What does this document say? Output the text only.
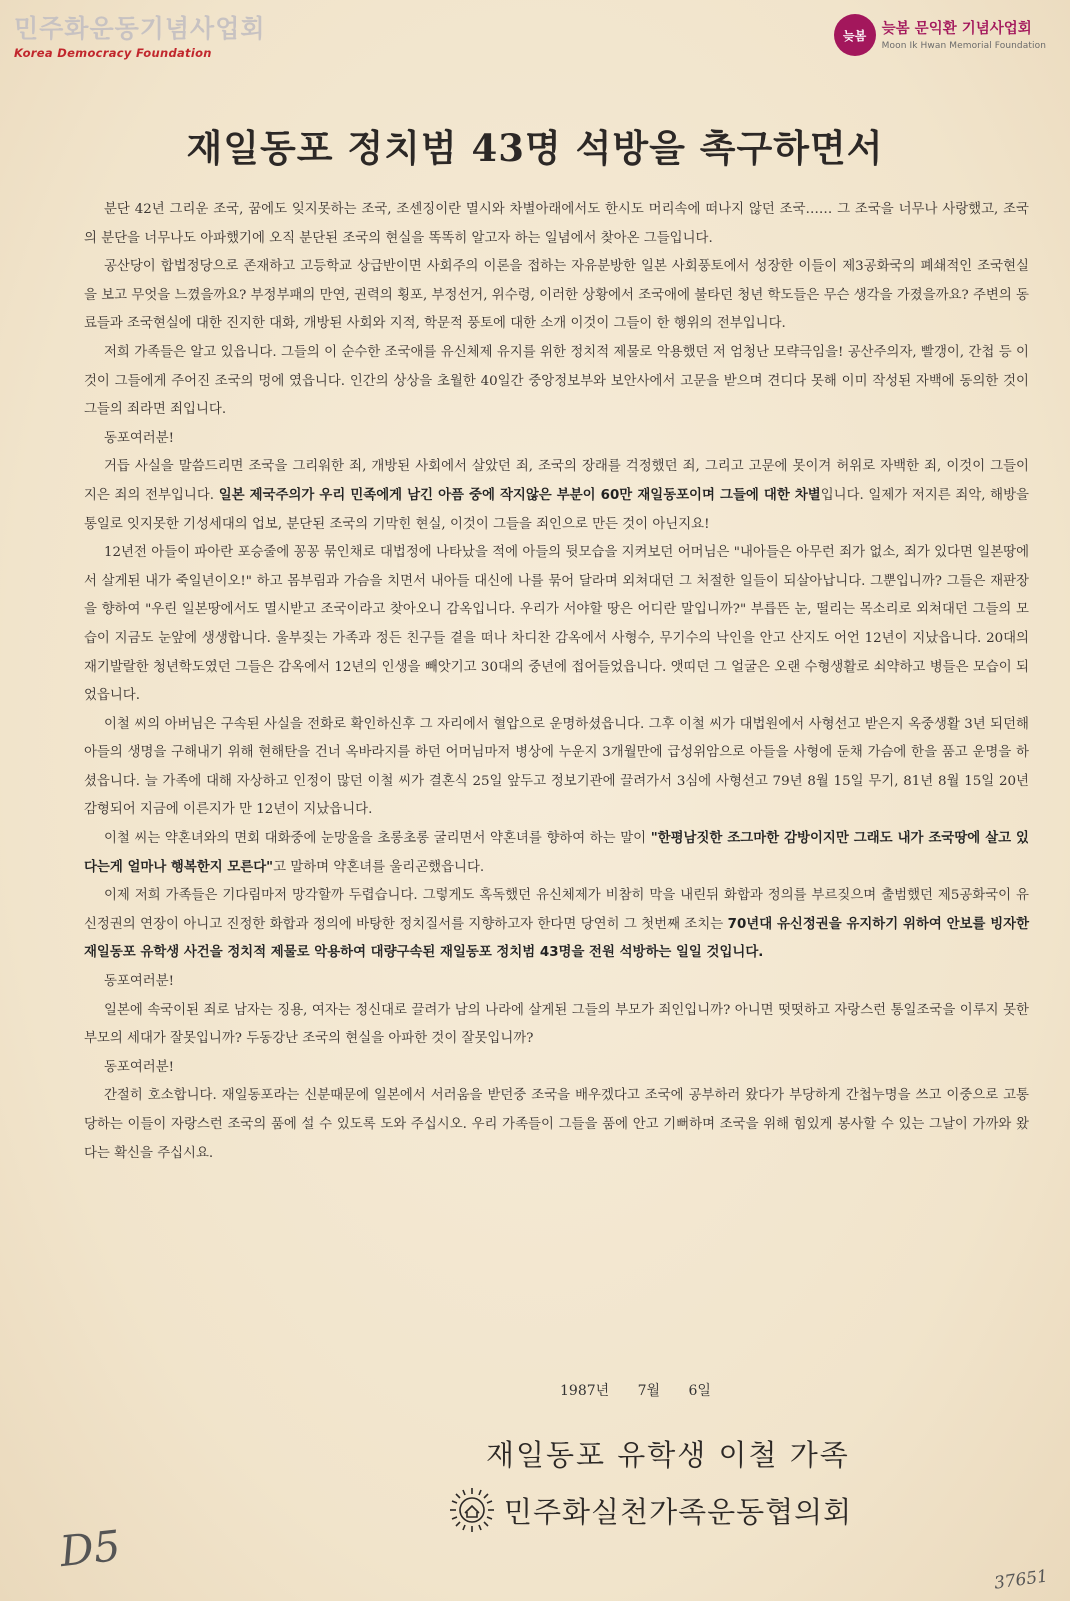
민주화운동기념사업회
Korea Democracy Foundation
늦봄	늦봄 문익환 기념사업회
Moon Ik Hwan Memorial Foundation
재일동포 정치범 43명 석방을 촉구하면서

분단 42년 그리운 조국, 꿈에도 잊지못하는 조국, 조센징이란 멸시와 차별아래에서도 한시도 머리속에 떠나지 않던 조국…… 그 조국을 너무나 사랑했고, 조국의 분단을 너무나도 아파했기에 오직 분단된 조국의 현실을 똑똑히 알고자 하는 일념에서 찾아온 그들입니다.

공산당이 합법정당으로 존재하고 고등학교 상급반이면 사회주의 이론을 접하는 자유분방한 일본 사회풍토에서 성장한 이들이 제3공화국의 폐쇄적인 조국현실을 보고 무엇을 느꼈을까요? 부정부패의 만연, 권력의 횡포, 부정선거, 위수령, 이러한 상황에서 조국애에 불타던 청년 학도들은 무슨 생각을 가졌을까요? 주변의 동료들과 조국현실에 대한 진지한 대화, 개방된 사회와 지적, 학문적 풍토에 대한 소개 이것이 그들이 한 행위의 전부입니다.

저희 가족들은 알고 있읍니다. 그들의 이 순수한 조국애를 유신체제 유지를 위한 정치적 제물로 악용했던 저 엄청난 모략극임을! 공산주의자, 빨갱이, 간첩 등 이것이 그들에게 주어진 조국의 멍에 였읍니다. 인간의 상상을 초월한 40일간 중앙정보부와 보안사에서 고문을 받으며 견디다 못해 이미 작성된 자백에 동의한 것이 그들의 죄라면 죄입니다.

동포여러분!

거듭 사실을 말씀드리면 조국을 그리워한 죄, 개방된 사회에서 살았던 죄, 조국의 장래를 걱정했던 죄, 그리고 고문에 못이겨 허위로 자백한 죄, 이것이 그들이 지은 죄의 전부입니다. 일본 제국주의가 우리 민족에게 남긴 아픔 중에 작지않은 부분이 60만 재일동포이며 그들에 대한 차별입니다. 일제가 저지른 죄악, 해방을 통일로 잇지못한 기성세대의 업보, 분단된 조국의 기막힌 현실, 이것이 그들을 죄인으로 만든 것이 아닌지요!

12년전 아들이 파아란 포승줄에 꽁꽁 묶인채로 대법정에 나타났을 적에 아들의 뒷모습을 지켜보던 어머님은 "내아들은 아무런 죄가 없소, 죄가 있다면 일본땅에서 살게된 내가 죽일년이오!" 하고 몸부림과 가슴을 치면서 내아들 대신에 나를 묶어 달라며 외쳐대던 그 처절한 일들이 되살아납니다. 그뿐입니까? 그들은 재판장을 향하여 "우린 일본땅에서도 멸시받고 조국이라고 찾아오니 감옥입니다. 우리가 서야할 땅은 어디란 말입니까?" 부릅뜬 눈, 떨리는 목소리로 외쳐대던 그들의 모습이 지금도 눈앞에 생생합니다. 울부짖는 가족과 정든 친구들 곁을 떠나 차디찬 감옥에서 사형수, 무기수의 낙인을 안고 산지도 어언 12년이 지났읍니다. 20대의 재기발랄한 청년학도였던 그들은 감옥에서 12년의 인생을 빼앗기고 30대의 중년에 접어들었읍니다. 앳띠던 그 얼굴은 오랜 수형생활로 쇠약하고 병들은 모습이 되었읍니다.

이철 씨의 아버님은 구속된 사실을 전화로 확인하신후 그 자리에서 혈압으로 운명하셨읍니다. 그후 이철 씨가 대법원에서 사형선고 받은지 옥중생활 3년 되던해 아들의 생명을 구해내기 위해 현해탄을 건너 옥바라지를 하던 어머님마저 병상에 누운지 3개월만에 급성위암으로 아들을 사형에 둔채 가슴에 한을 품고 운명을 하셨읍니다. 늘 가족에 대해 자상하고 인정이 많던 이철 씨가 결혼식 25일 앞두고 정보기관에 끌려가서 3심에 사형선고 79년 8월 15일 무기, 81년 8월 15일 20년 감형되어 지금에 이른지가 만 12년이 지났읍니다.

이철 씨는 약혼녀와의 면회 대화중에 눈망울을 초롱초롱 굴리면서 약혼녀를 향하여 하는 말이 "한평남짓한 조그마한 감방이지만 그래도 내가 조국땅에 살고 있다는게 얼마나 행복한지 모른다"고 말하며 약혼녀를 울리곤했읍니다.

이제 저희 가족들은 기다림마저 망각할까 두렵습니다. 그렇게도 혹독했던 유신체제가 비참히 막을 내린뒤 화합과 정의를 부르짖으며 출범했던 제5공화국이 유신정권의 연장이 아니고 진정한 화합과 정의에 바탕한 정치질서를 지향하고자 한다면 당연히 그 첫번째 조치는 70년대 유신정권을 유지하기 위하여 안보를 빙자한 재일동포 유학생 사건을 정치적 제물로 악용하여 대량구속된 재일동포 정치범 43명을 전원 석방하는 일일 것입니다.

동포여러분!

일본에 속국이된 죄로 남자는 징용, 여자는 정신대로 끌려가 남의 나라에 살게된 그들의 부모가 죄인입니까? 아니면 떳떳하고 자랑스런 통일조국을 이루지 못한 부모의 세대가 잘못입니까? 두동강난 조국의 현실을 아파한 것이 잘못입니까?

동포여러분!

간절히 호소합니다. 재일동포라는 신분때문에 일본에서 서러움을 받던중 조국을 배우겠다고 조국에 공부하러 왔다가 부당하게 간첩누명을 쓰고 이중으로 고통당하는 이들이 자랑스런 조국의 품에 설 수 있도록 도와 주십시오. 우리 가족들이 그들을 품에 안고 기뻐하며 조국을 위해 힘있게 봉사할 수 있는 그날이 가까와 왔다는 확신을 주십시요.

1987년 7월 6일
재일동포 유학생 이철 가족
민주화실천가족운동협의회
D5
37651
